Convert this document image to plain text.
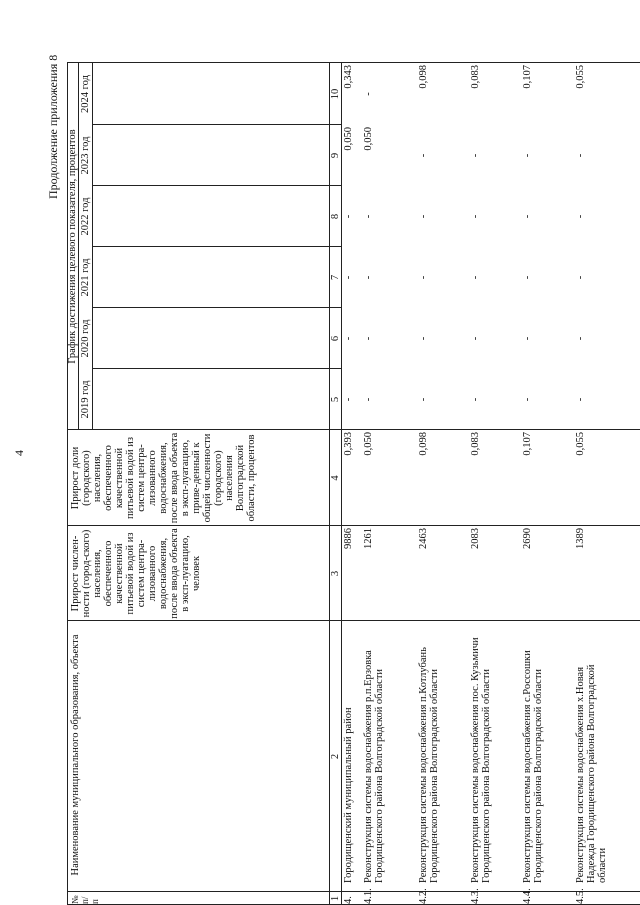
4
Продолжение приложения 8
№ п/п
Наименование муниципального образования, объекта
Прирост числен-ности (город-ского) населения, обеспеченного качественной питьевой водой из систем центра-лизованного водоснабжения, после ввода объекта в эксп-луатацию, человек
Прирост доли (городского) населения, обеспеченного качественной питьевой водой из систем центра-лизованного водоснабжения, после ввода объекта в эксп-луатацию, приве-денный к общей численности (городского) населения Волгоградской области, процентов
График достижения целевого показателя, процентов
2019 год
2020 год
2021 год
2022 год
2023 год
2024 год
1
2
3
4
5
6
7
8
9
10
4.
Городищенский муниципальный район
9886
0,393
-
-
-
-
0,050
0,343
4.1.
Реконструкция системы водоснабжения р.п.Ерзовка Городищенского района Волгоградской области
1261
0,050
-
-
-
-
0,050
-
4.2.
Реконструкция системы водоснабжения п.Котлубань Городищенского района Волгоградской области
2463
0,098
-
-
-
-
-
0,098
4.3.
Реконструкция системы водоснабжения пос. Кузьмичи Городищенского района Волгоградской области
2083
0,083
-
-
-
-
-
0,083
4.4.
Реконструкция системы водоснабжения с.Россошки Городищенского района Волгоградской области
2690
0,107
-
-
-
-
-
0,107
4.5.
Реконструкция системы водоснабжения х.Новая Надежда Городищенского района Волгоградской области
1389
0,055
-
-
-
-
-
0,055
